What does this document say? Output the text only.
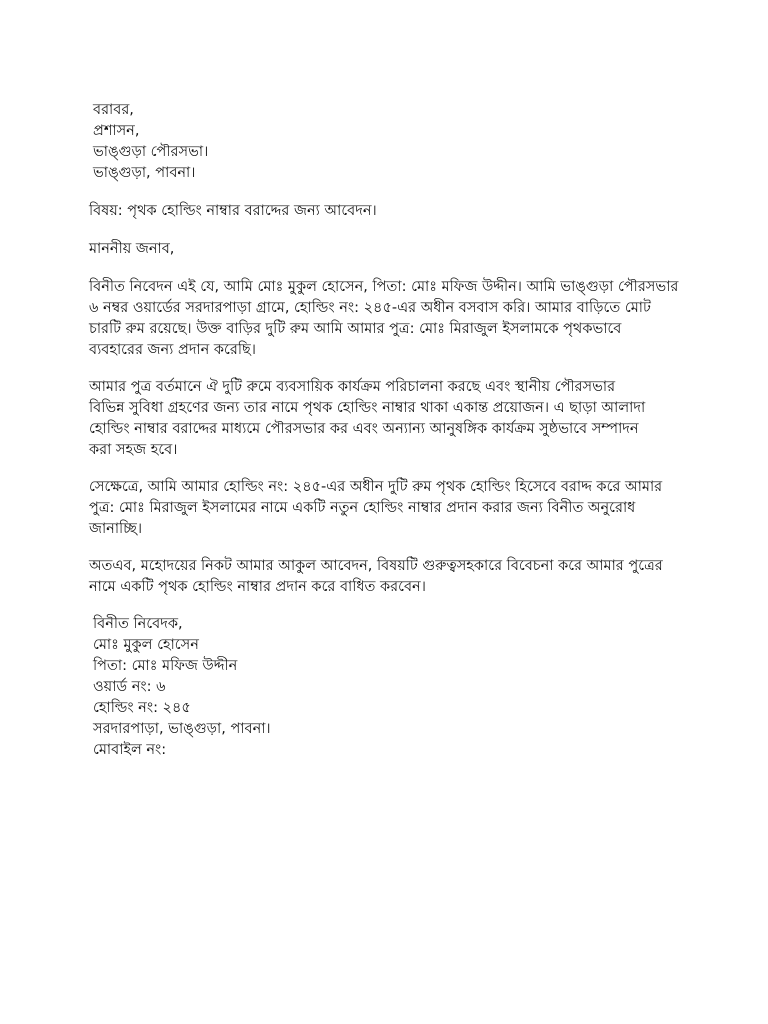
বরাবর,
প্রশাসন,
ভাঙ্গুড়া পৌরসভা।
ভাঙ্গুড়া, পাবনা।
বিষয়: পৃথক হোল্ডিং নাম্বার বরাদ্দের জন্য আবেদন।
মাননীয় জনাব,
বিনীত নিবেদন এই যে, আমি মোঃ মুকুল হোসেন, পিতা: মোঃ মফিজ উদ্দীন। আমি ভাঙ্গুড়া পৌরসভার
৬ নম্বর ওয়ার্ডের সরদারপাড়া গ্রামে, হোল্ডিং নং: ২৪৫-এর অধীন বসবাস করি। আমার বাড়িতে মোট
চারটি রুম রয়েছে। উক্ত বাড়ির দুটি রুম আমি আমার পুত্র: মোঃ মিরাজুল ইসলামকে পৃথকভাবে
ব্যবহারের জন্য প্রদান করেছি।
আমার পুত্র বর্তমানে ঐ দুটি রুমে ব্যবসায়িক কার্যক্রম পরিচালনা করছে এবং স্থানীয় পৌরসভার
বিভিন্ন সুবিধা গ্রহণের জন্য তার নামে পৃথক হোল্ডিং নাম্বার থাকা একান্ত প্রয়োজন। এ ছাড়া আলাদা
হোল্ডিং নাম্বার বরাদ্দের মাধ্যমে পৌরসভার কর এবং অন্যান্য আনুষঙ্গিক কার্যক্রম সুষ্ঠভাবে সম্পাদন
করা সহজ হবে।
সেক্ষেত্রে, আমি আমার হোল্ডিং নং: ২৪৫-এর অধীন দুটি রুম পৃথক হোল্ডিং হিসেবে বরাদ্দ করে আমার
পুত্র: মোঃ মিরাজুল ইসলামের নামে একটি নতুন হোল্ডিং নাম্বার প্রদান করার জন্য বিনীত অনুরোধ
জানাচ্ছি।
অতএব, মহোদয়ের নিকট আমার আকুল আবেদন, বিষয়টি গুরুত্বসহকারে বিবেচনা করে আমার পুত্রের
নামে একটি পৃথক হোল্ডিং নাম্বার প্রদান করে বাধিত করবেন।
বিনীত নিবেদক,
মোঃ মুকুল হোসেন
পিতা: মোঃ মফিজ উদ্দীন
ওয়ার্ড নং: ৬
হোল্ডিং নং: ২৪৫
সরদারপাড়া, ভাঙ্গুড়া, পাবনা।
মোবাইল নং:
